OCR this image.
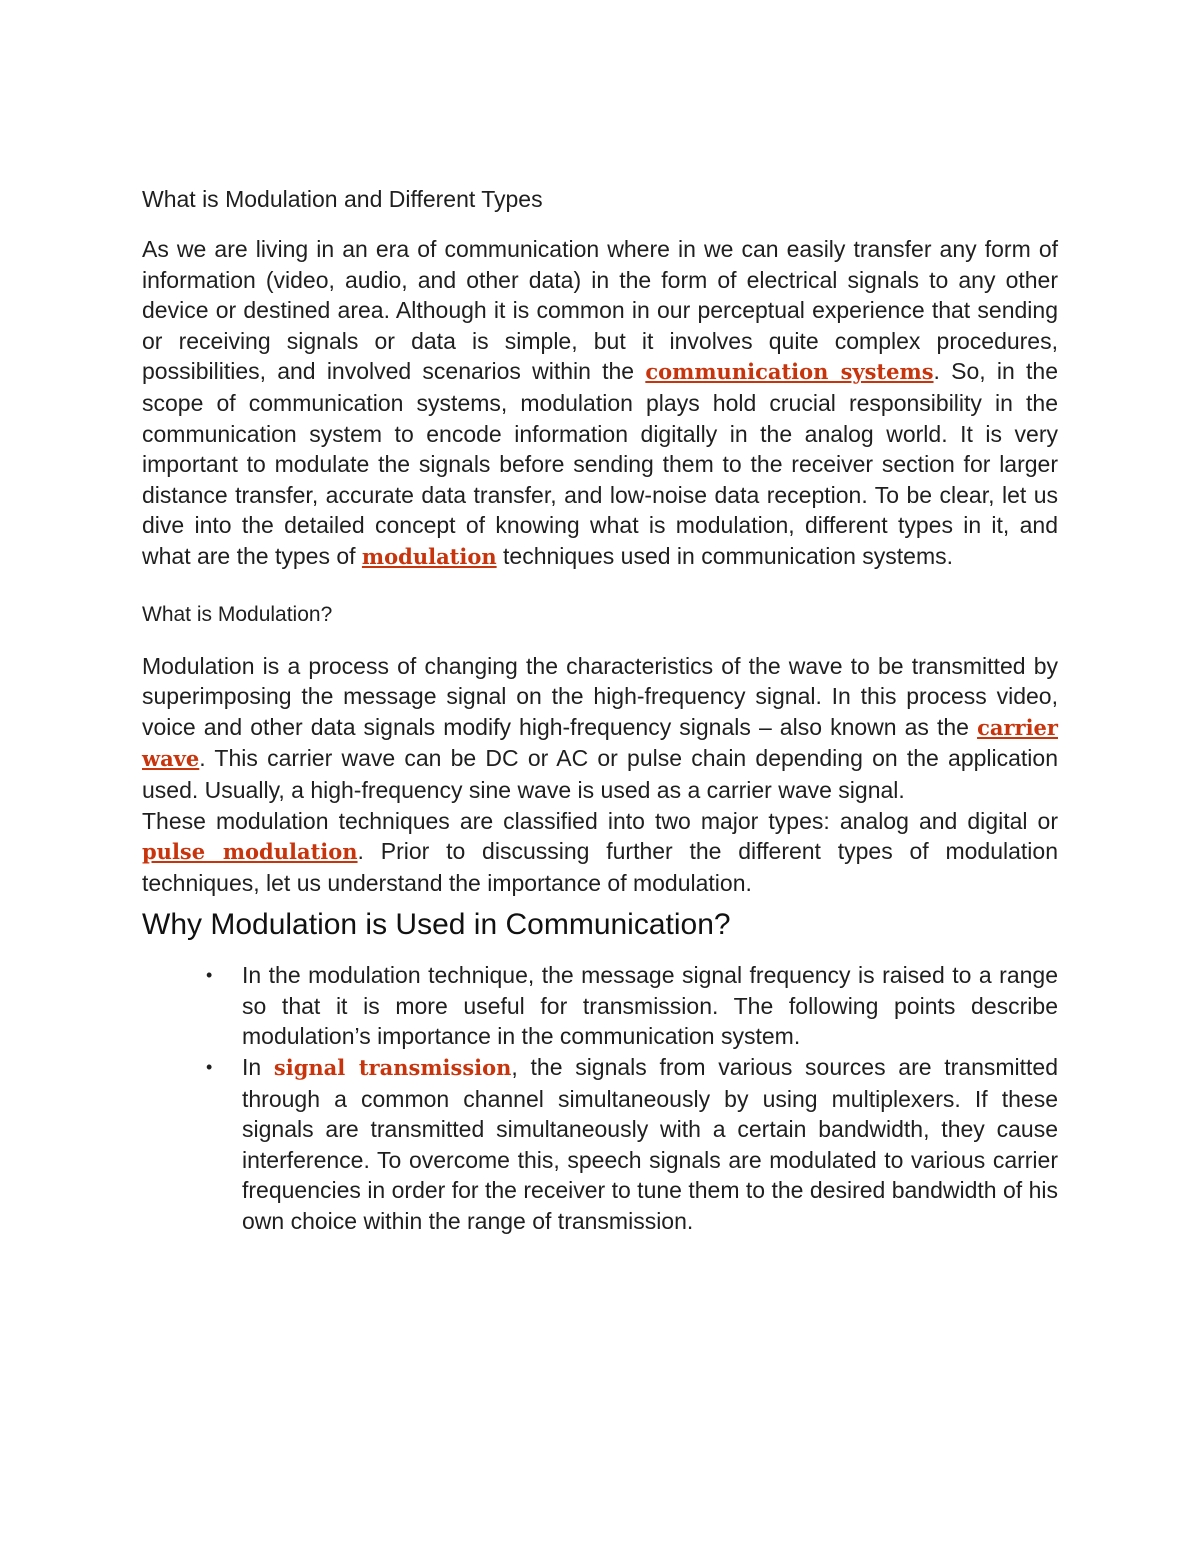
What is Modulation and Different Types

As we are living in an era of communication where in we can easily transfer any form of information (video, audio, and other data) in the form of electrical signals to any other device or destined area. Although it is common in our perceptual experience that sending or receiving signals or data is simple, but it involves quite complex procedures, possibilities, and involved scenarios within the communication systems. So, in the scope of communication systems, modulation plays hold crucial responsibility in the communication system to encode information digitally in the analog world. It is very important to modulate the signals before sending them to the receiver section for larger distance transfer, accurate data transfer, and low-noise data reception. To be clear, let us dive into the detailed concept of knowing what is modulation, different types in it, and what are the types of modulation techniques used in communication systems.

What is Modulation?

Modulation is a process of changing the characteristics of the wave to be transmitted by superimposing the message signal on the high-frequency signal. In this process video, voice and other data signals modify high-frequency signals – also known as the carrier wave. This carrier wave can be DC or AC or pulse chain depending on the application used. Usually, a high-frequency sine wave is used as a carrier wave signal.

These modulation techniques are classified into two major types: analog and digital or pulse modulation. Prior to discussing further the different types of modulation techniques, let us understand the importance of modulation.

Why Modulation is Used in Communication?
• In the modulation technique, the message signal frequency is raised to a range so that it is more useful for transmission. The following points describe modulation’s importance in the communication system.
• In signal transmission, the signals from various sources are transmitted through a common channel simultaneously by using multiplexers. If these signals are transmitted simultaneously with a certain bandwidth, they cause interference. To overcome this, speech signals are modulated to various carrier frequencies in order for the receiver to tune them to the desired bandwidth of his own choice within the range of transmission.
